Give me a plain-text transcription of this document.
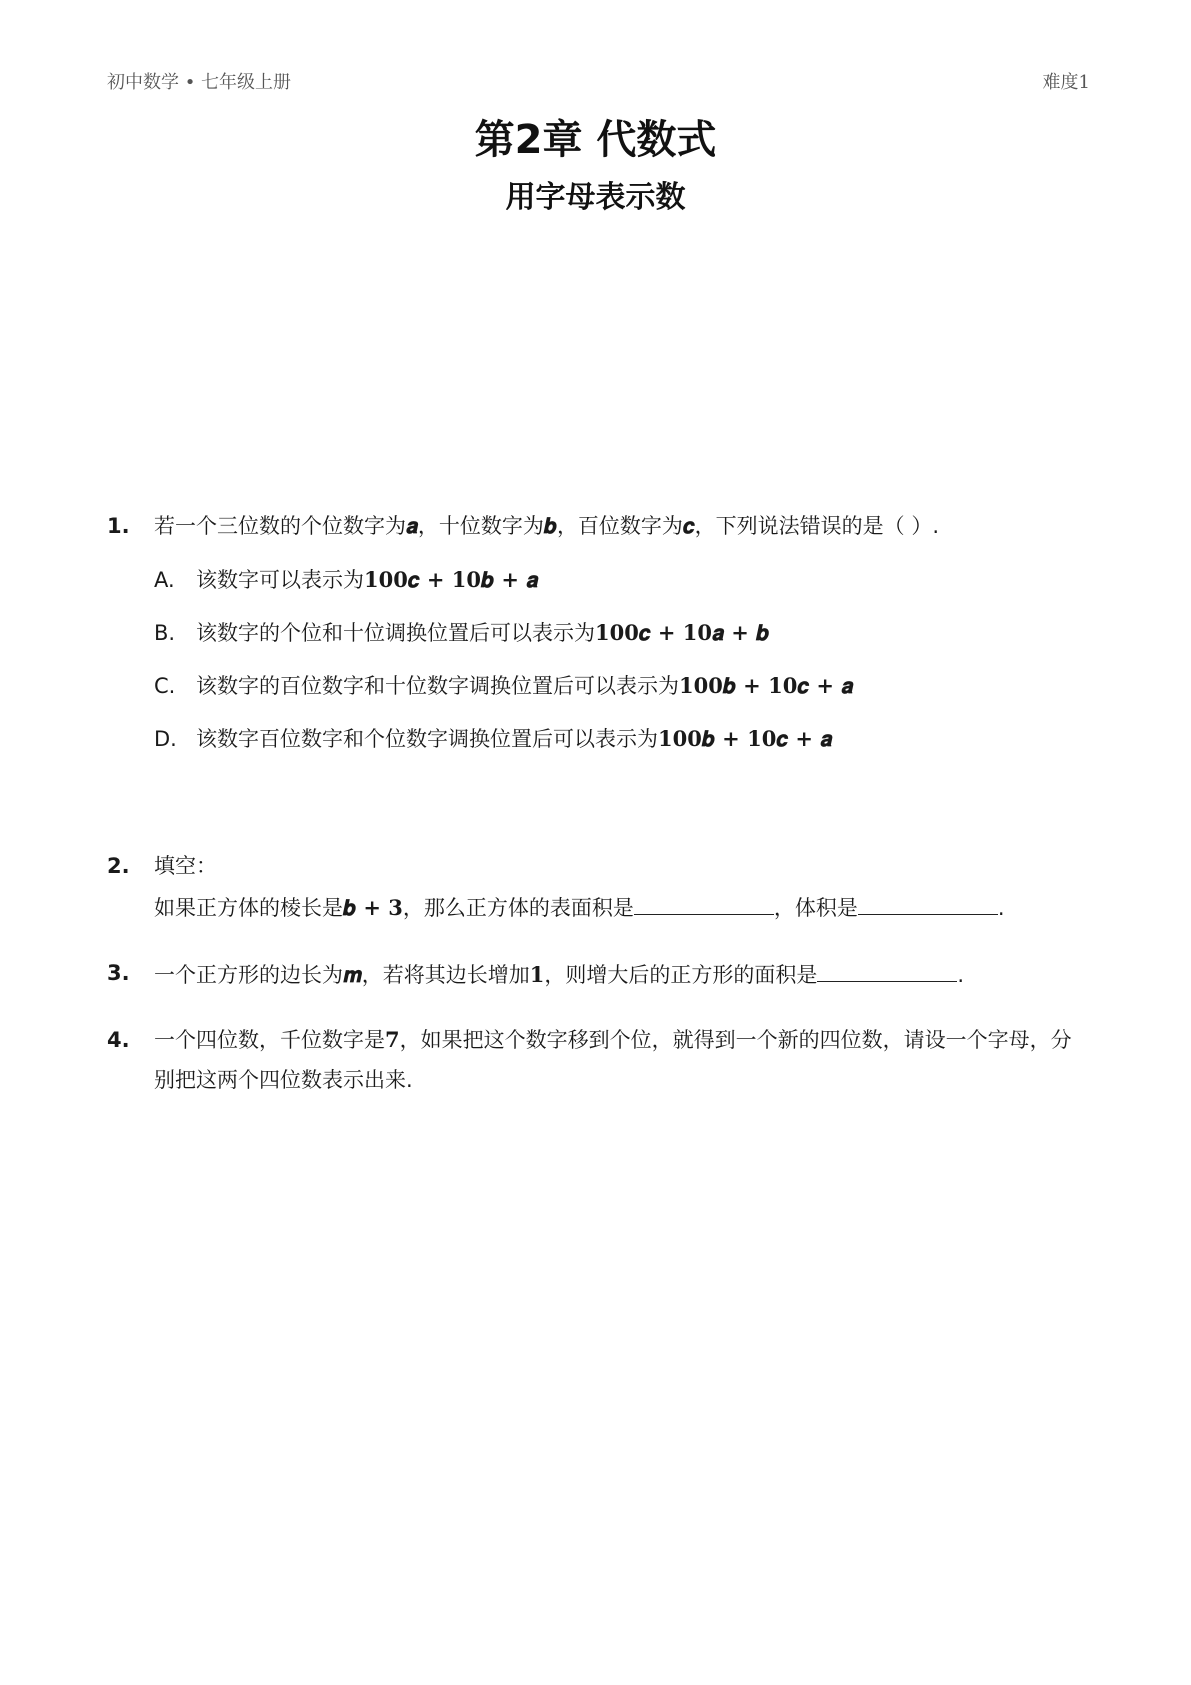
初中数学 • 七年级上册	难度1
第2章 代数式
用字母表示数
1. 若一个三位数的个位数字为𝒂，十位数字为𝒃，百位数字为𝒄，下列说法错误的是（ ）.
A. 该数字可以表示为100𝒄 + 10𝒃 + 𝒂
B. 该数字的个位和十位调换位置后可以表示为100𝒄 + 10𝒂 + 𝒃
C. 该数字的百位数字和十位数字调换位置后可以表示为100𝒃 + 10𝒄 + 𝒂
D. 该数字百位数字和个位数字调换位置后可以表示为100𝒃 + 10𝒄 + 𝒂
2. 填空：
如果正方体的棱长是𝒃 + 3，那么正方体的表面积是	，体积是	.
3. 一个正方形的边长为𝒎，若将其边长增加1，则增大后的正方形的面积是	.
4. 一个四位数，千位数字是7，如果把这个数字移到个位，就得到一个新的四位数，请设一个字母，分别把这两个四位数表示出来.
